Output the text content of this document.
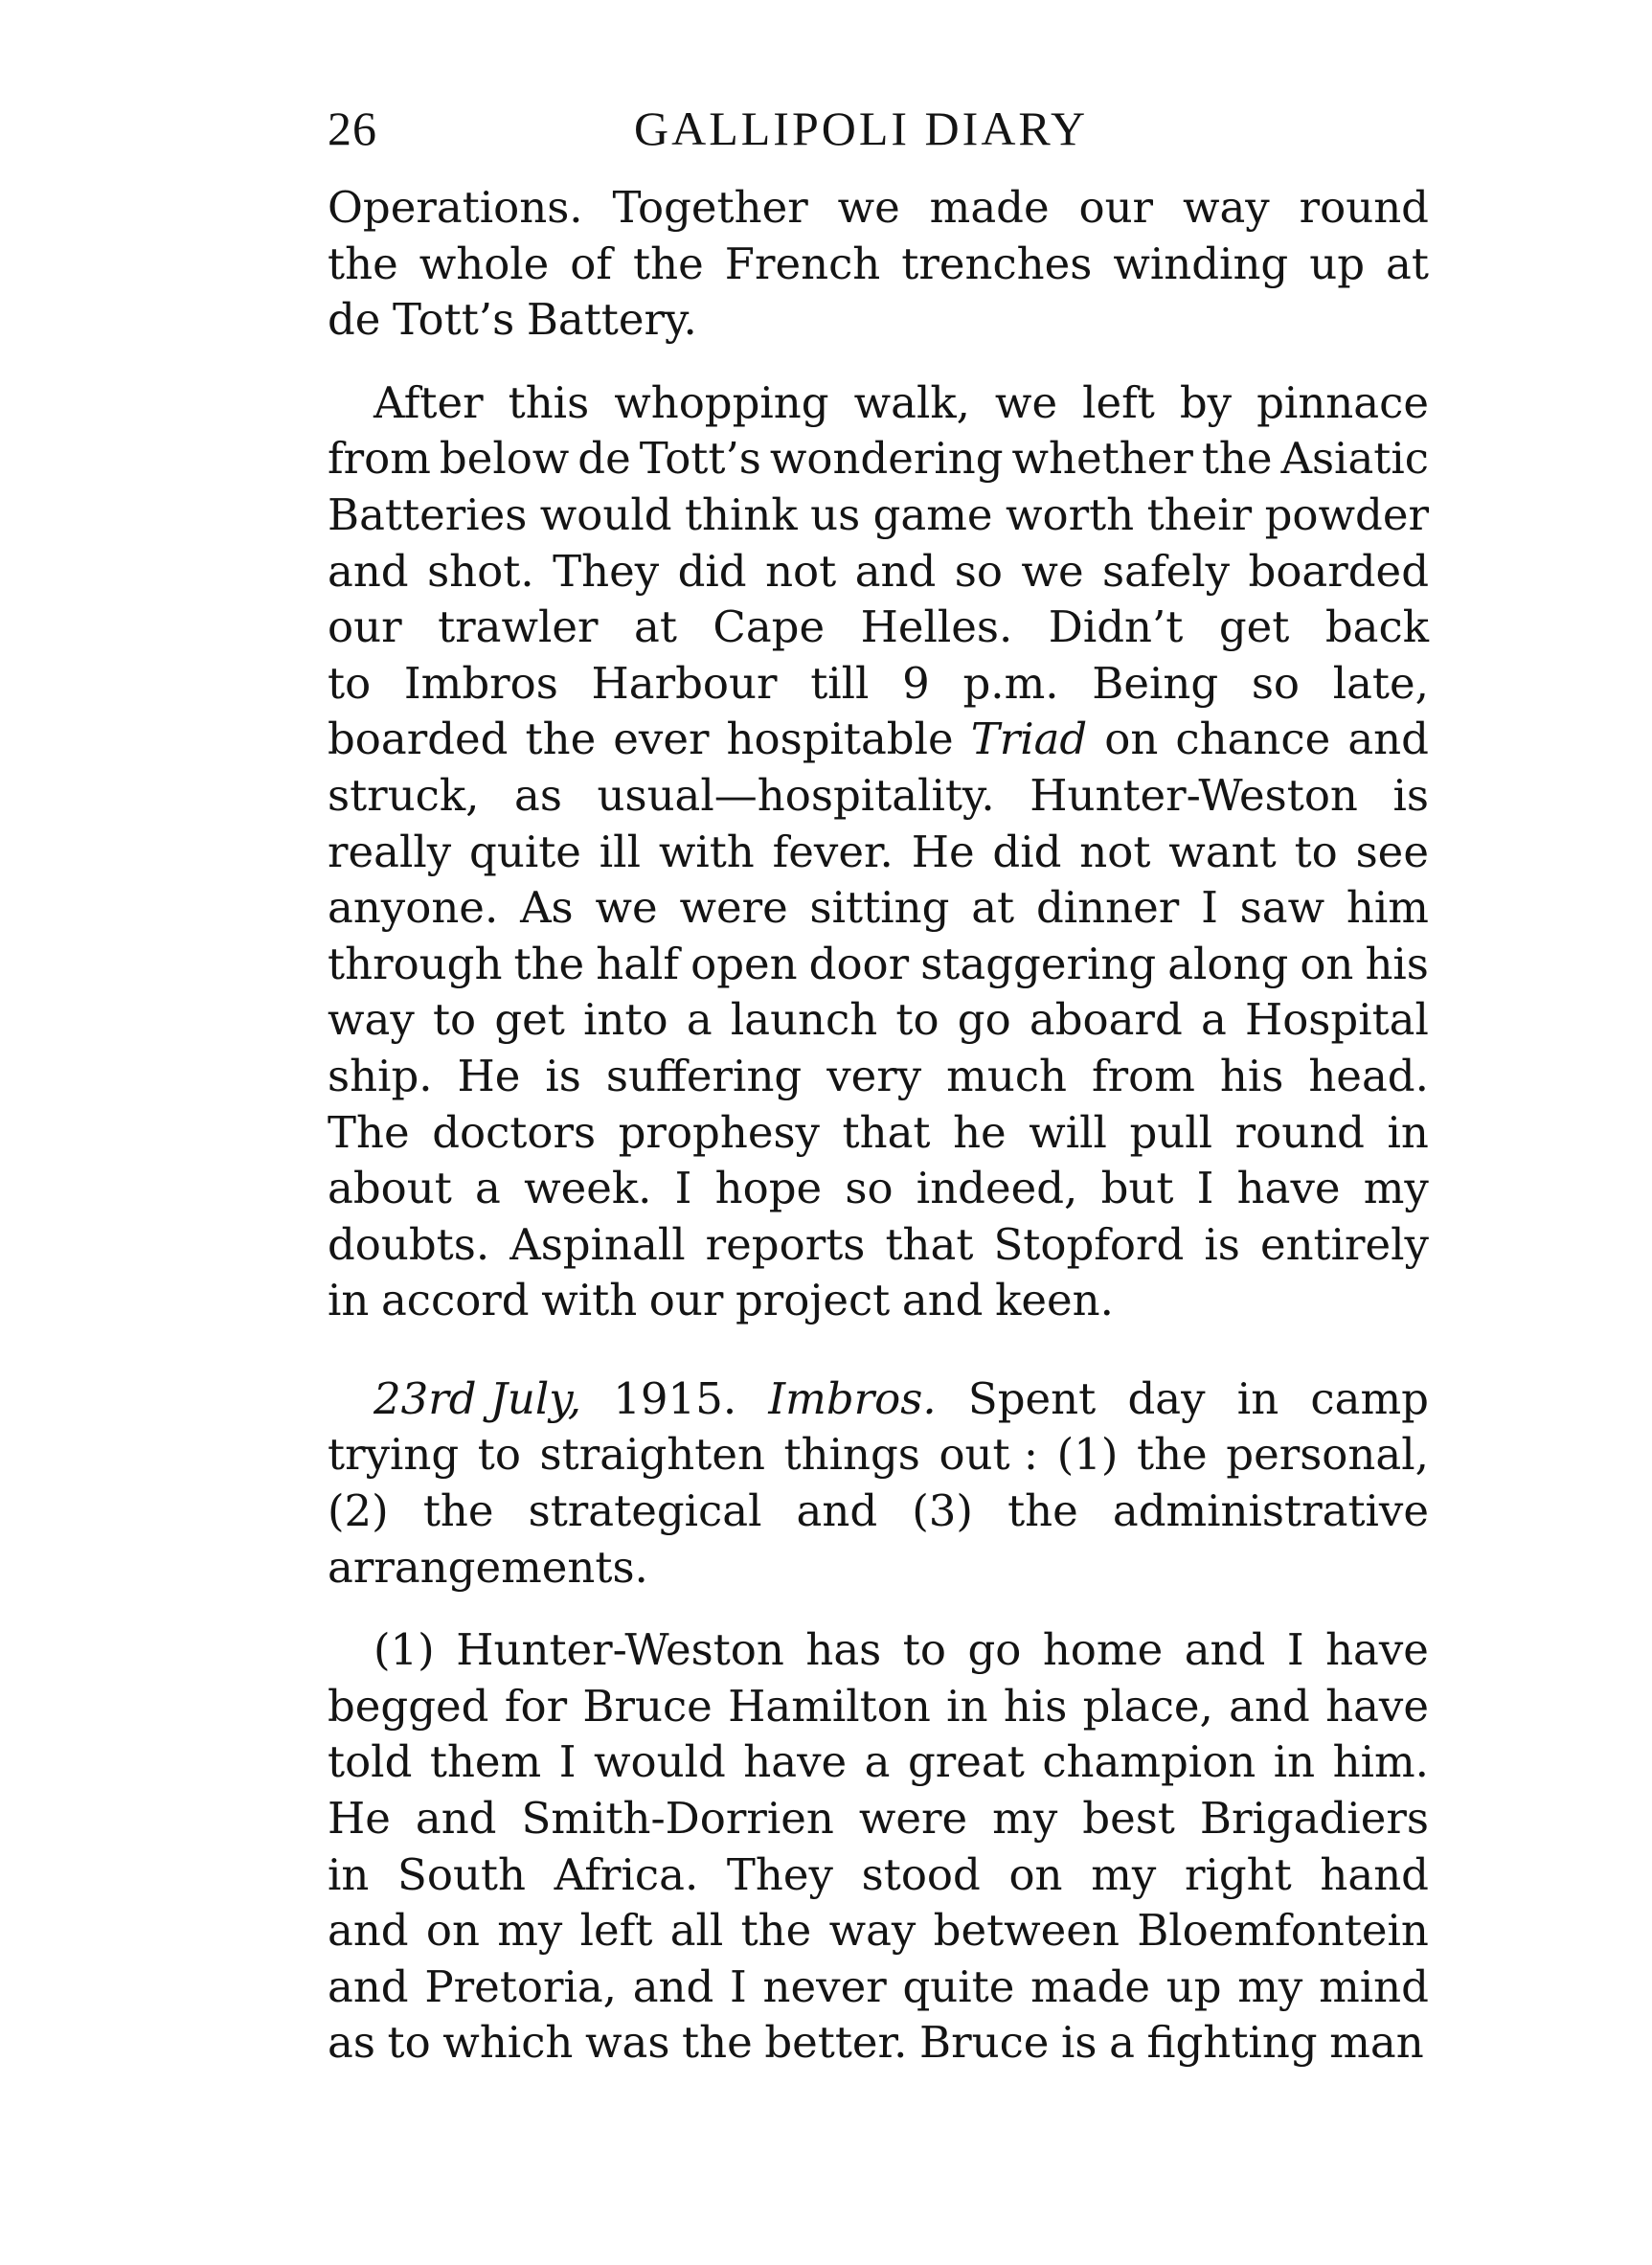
26	GALLIPOLI DIARY
Operations. Together we made our way round
the whole of the French trenches winding up at
de Tott’s Battery.
After this whopping walk, we left by pinnace
from below de Tott’s wondering whether the Asiatic
Batteries would think us game worth their powder
and shot. They did not and so we safely boarded
our trawler at Cape Helles. Didn’t get back
to Imbros Harbour till 9 p.m. Being so late,
boarded the ever hospitable Triad on chance and
struck, as usual—hospitality. Hunter-Weston is
really quite ill with fever. He did not want to see
anyone. As we were sitting at dinner I saw him
through the half open door staggering along on his
way to get into a launch to go aboard a Hospital
ship. He is suffering very much from his head.
The doctors prophesy that he will pull round in
about a week. I hope so indeed, but I have my
doubts. Aspinall reports that Stopford is entirely
in accord with our project and keen.
23rd July, 1915. Imbros. Spent day in camp
trying to straighten things out : (1) the personal,
(2) the strategical and (3) the administrative
arrangements.
(1) Hunter-Weston has to go home and I have
begged for Bruce Hamilton in his place, and have
told them I would have a great champion in him.
He and Smith-Dorrien were my best Brigadiers
in South Africa. They stood on my right hand
and on my left all the way between Bloemfontein
and Pretoria, and I never quite made up my mind
as to which was the better. Bruce is a fighting man
